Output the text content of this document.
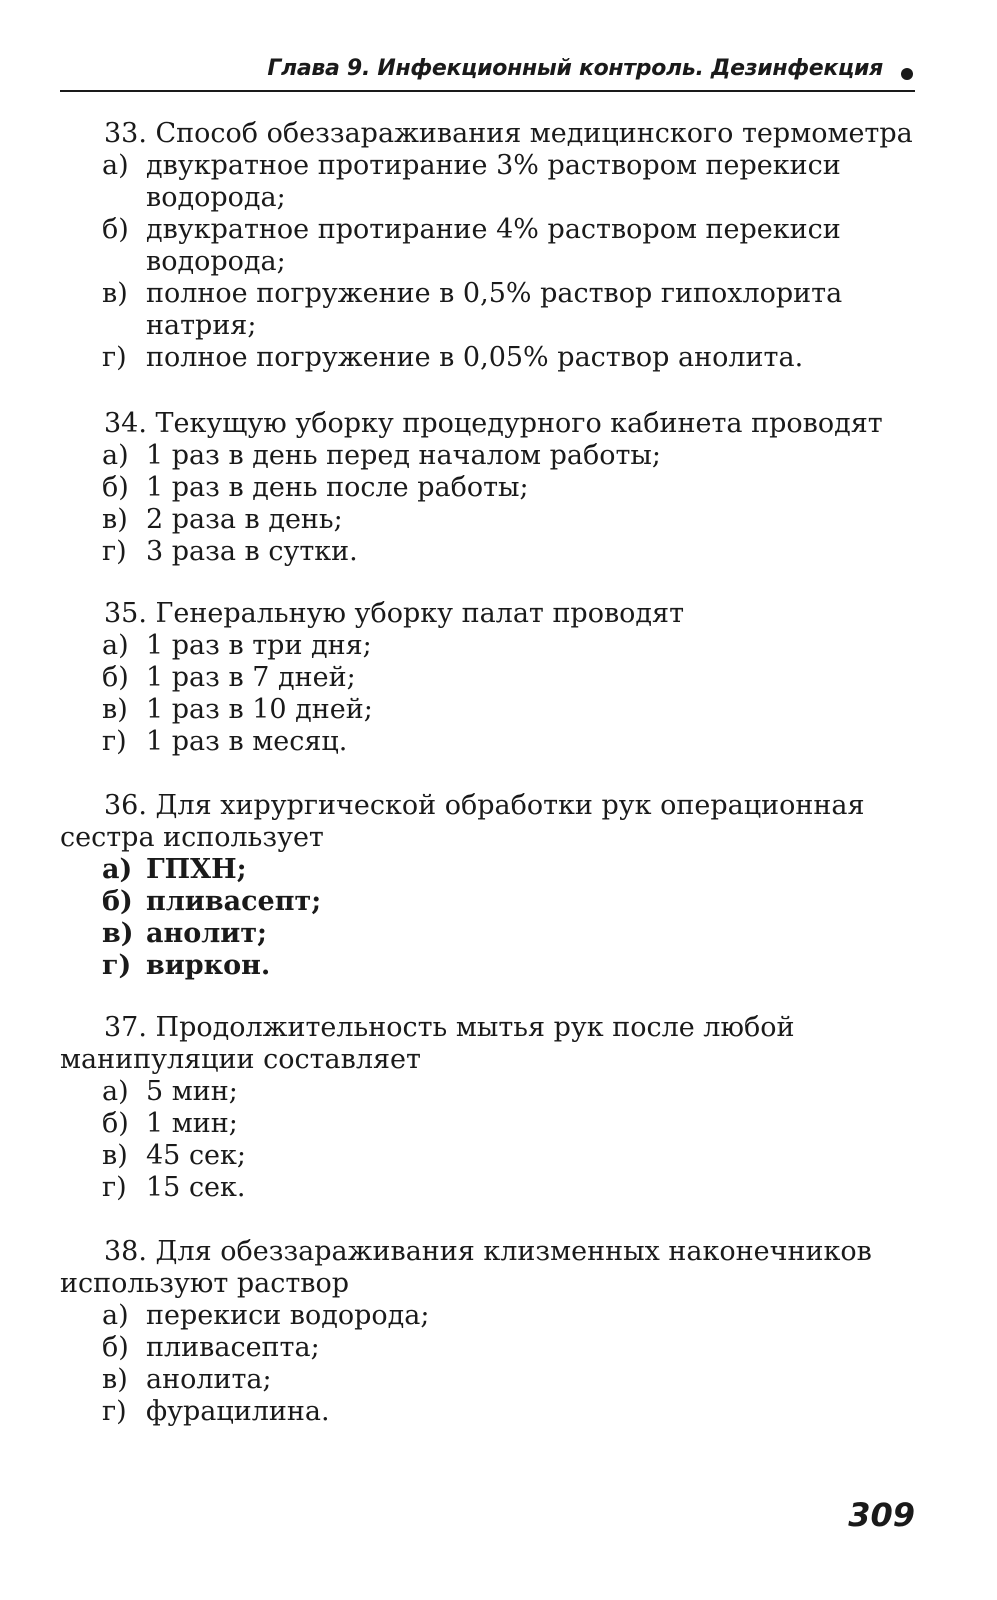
Глава 9. Инфекционный контроль. Дезинфекция
33. Способ обеззараживания медицинского термометра
а) двукратное протирание 3% раствором перекиси водорода;
б) двукратное протирание 4% раствором перекиси водорода;
в) полное погружение в 0,5% раствор гипохлорита натрия;
г) полное погружение в 0,05% раствор анолита.
34. Текущую уборку процедурного кабинета проводят
а) 1 раз в день перед началом работы;
б) 1 раз в день после работы;
в) 2 раза в день;
г) 3 раза в сутки.
35. Генеральную уборку палат проводят
а) 1 раз в три дня;
б) 1 раз в 7 дней;
в) 1 раз в 10 дней;
г) 1 раз в месяц.
36. Для хирургической обработки рук операционная сестра использует
а) ГПХН;
б) пливасепт;
в) анолит;
г) виркон.
37. Продолжительность мытья рук после любой манипуляции составляет
а) 5 мин;
б) 1 мин;
в) 45 сек;
г) 15 сек.
38. Для обеззараживания клизменных наконечников используют раствор
а) перекиси водорода;
б) пливасепта;
в) анолита;
г) фурацилина.
309
